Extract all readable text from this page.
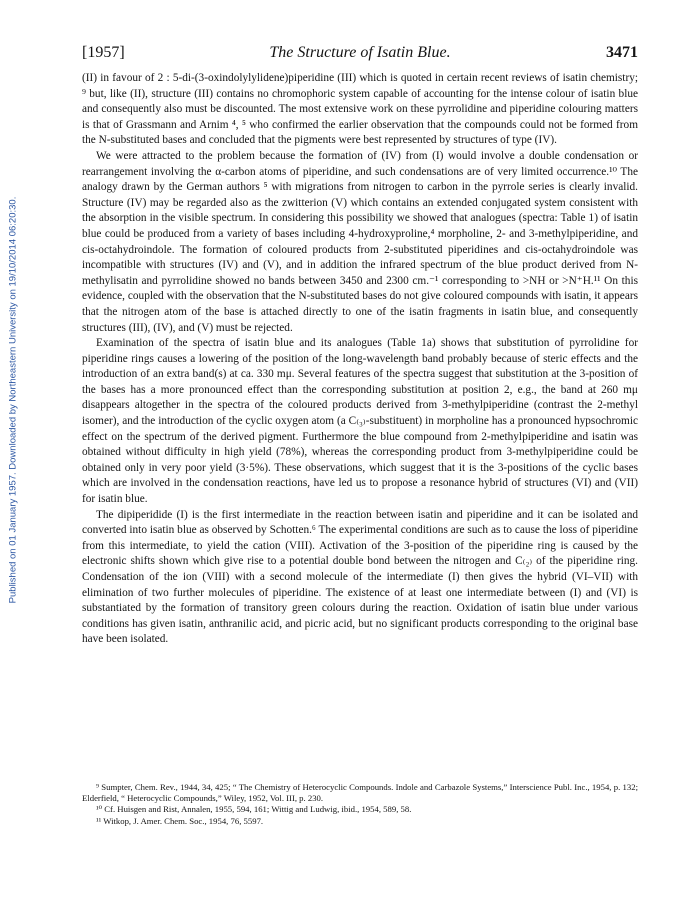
Published on 01 January 1957. Downloaded by Northeastern University on 19/10/2014 06:20:30.
[1957]	The Structure of Isatin Blue.	3471

(II) in favour of 2 : 5-di-(3-oxindolylylidene)piperidine (III) which is quoted in certain recent reviews of isatin chemistry; ⁹ but, like (II), structure (III) contains no chromophoric system capable of accounting for the intense colour of isatin blue and consequently also must be discounted. The most extensive work on these pyrrolidine and piperidine colouring matters is that of Grassmann and Arnim ⁴, ⁵ who confirmed the earlier observation that the compounds could not be formed from the N-substituted bases and concluded that the pigments were best represented by structures of type (IV).

We were attracted to the problem because the formation of (IV) from (I) would involve a double condensation or rearrangement involving the α-carbon atoms of piperidine, and such condensations are of very limited occurrence.¹⁰ The analogy drawn by the German authors ⁵ with migrations from nitrogen to carbon in the pyrrole series is clearly invalid. Structure (IV) may be regarded also as the zwitterion (V) which contains an extended conjugated system consistent with the absorption in the visible spectrum. In considering this possibility we showed that analogues (spectra: Table 1) of isatin blue could be produced from a variety of bases including 4-hydroxyproline,⁴ morpholine, 2- and 3-methylpiperidine, and cis-octahydroindole. The formation of coloured products from 2-substituted piperidines and cis-octahydroindole was incompatible with structures (IV) and (V), and in addition the infrared spectrum of the blue product derived from N-methylisatin and pyrrolidine showed no bands between 3450 and 2300 cm.⁻¹ corresponding to >NH or >N⁺H.¹¹ On this evidence, coupled with the observation that the N-substituted bases do not give coloured compounds with isatin, it appears that the nitrogen atom of the base is attached directly to one of the isatin fragments in isatin blue, and consequently structures (III), (IV), and (V) must be rejected.

Examination of the spectra of isatin blue and its analogues (Table 1a) shows that substitution of pyrrolidine for piperidine rings causes a lowering of the position of the long-wavelength band probably because of steric effects and the introduction of an extra band(s) at ca. 330 mμ. Several features of the spectra suggest that substitution at the 3-position of the bases has a more pronounced effect than the corresponding substitution at position 2, e.g., the band at 260 mμ disappears altogether in the spectra of the coloured products derived from 3-methylpiperidine (contrast the 2-methyl isomer), and the introduction of the cyclic oxygen atom (a C₍₃₎-substituent) in morpholine has a pronounced hypsochromic effect on the spectrum of the derived pigment. Furthermore the blue compound from 2-methylpiperidine and isatin was obtained without difficulty in high yield (78%), whereas the corresponding product from 3-methylpiperidine could be obtained only in very poor yield (3·5%). These observations, which suggest that it is the 3-positions of the cyclic bases which are involved in the condensation reactions, have led us to propose a resonance hybrid of structures (VI) and (VII) for isatin blue.

The dipiperidide (I) is the first intermediate in the reaction between isatin and piperidine and it can be isolated and converted into isatin blue as observed by Schotten.⁶ The experimental conditions are such as to cause the loss of piperidine from this intermediate, to yield the cation (VIII). Activation of the 3-position of the piperidine ring is caused by the electronic shifts shown which give rise to a potential double bond between the nitrogen and C₍₂₎ of the piperidine ring. Condensation of the ion (VIII) with a second molecule of the intermediate (I) then gives the hybrid (VI–VII) with elimination of two further molecules of piperidine. The existence of at least one intermediate between (I) and (VI) is substantiated by the formation of transitory green colours during the reaction. Oxidation of isatin blue under various conditions has given isatin, anthranilic acid, and picric acid, but no significant products corresponding to the original base have been isolated.

⁹ Sumpter, Chem. Rev., 1944, 34, 425; “ The Chemistry of Heterocyclic Compounds. Indole and Carbazole Systems,” Interscience Publ. Inc., 1954, p. 132; Elderfield, “ Heterocyclic Compounds,” Wiley, 1952, Vol. III, p. 230.

¹⁰ Cf. Huisgen and Rist, Annalen, 1955, 594, 161; Wittig and Ludwig, ibid., 1954, 589, 58.

¹¹ Witkop, J. Amer. Chem. Soc., 1954, 76, 5597.
